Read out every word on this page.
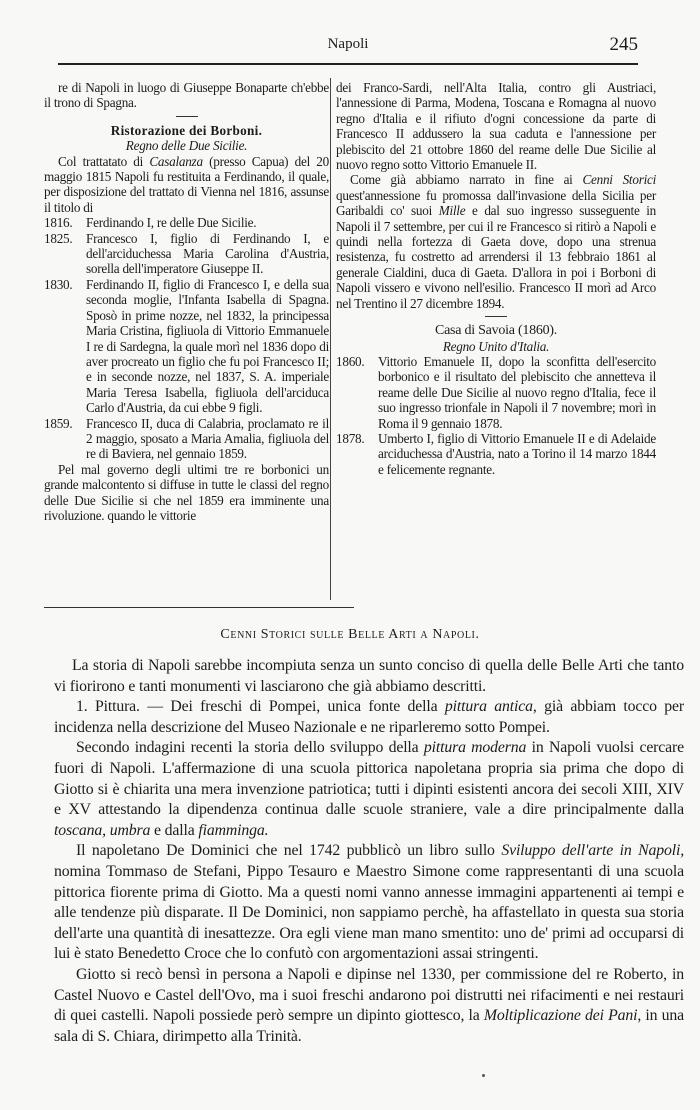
Napoli	245

re di Napoli in luogo di Giuseppe Bonaparte ch'ebbe il trono di Spagna.

Ristorazione dei Borboni.

Regno delle Due Sicilie.

Col trattatato di Casalanza (presso Capua) del 20 maggio 1815 Napoli fu restituita a Ferdinando, il quale, per disposizione del trattato di Vienna nel 1816, assunse il titolo di

1816.	Ferdinando I, re delle Due Sicilie.
1825.	Francesco I, figlio di Ferdinando I, e dell'arciduchessa Maria Carolina d'Austria, sorella dell'imperatore Giuseppe II.
1830.	Ferdinando II, figlio di Francesco I, e della sua seconda moglie, l'Infanta Isabella di Spagna. Sposò in prime nozze, nel 1832, la principessa Maria Cristina, figliuola di Vittorio Emmanuele I re di Sardegna, la quale morì nel 1836 dopo di aver procreato un figlio che fu poi Francesco II; e in seconde nozze, nel 1837, S. A. imperiale Maria Teresa Isabella, figliuola dell'arciduca Carlo d'Austria, da cui ebbe 9 figli.
1859.	Francesco II, duca di Calabria, proclamato re il 2 maggio, sposato a Maria Amalia, figliuola del re di Baviera, nel gennaio 1859.

Pel mal governo degli ultimi tre re borbonici un grande malcontento si diffuse in tutte le classi del regno delle Due Sicilie si che nel 1859 era imminente una rivoluzione. quando le vittorie

dei Franco-Sardi, nell'Alta Italia, contro gli Austriaci, l'annessione di Parma, Modena, Toscana e Romagna al nuovo regno d'Italia e il rifiuto d'ogni concessione da parte di Francesco II addussero la sua caduta e l'annessione per plebiscito del 21 ottobre 1860 del reame delle Due Sicilie al nuovo regno sotto Vittorio Emanuele II.

Come già abbiamo narrato in fine ai Cenni Storici quest'annessione fu promossa dall'invasione della Sicilia per Garibaldi co' suoi Mille e dal suo ingresso susseguente in Napoli il 7 settembre, per cui il re Francesco si ritirò a Napoli e quindi nella fortezza di Gaeta dove, dopo una strenua resistenza, fu costretto ad arrendersi il 13 febbraio 1861 al generale Cialdini, duca di Gaeta. D'allora in poi i Borboni di Napoli vissero e vivono nell'esilio. Francesco II morì ad Arco nel Trentino il 27 dicembre 1894.

Casa di Savoia (1860).

Regno Unito d'Italia.

1860.	Vittorio Emanuele II, dopo la sconfitta dell'esercito borbonico e il risultato del plebiscito che annetteva il reame delle Due Sicilie al nuovo regno d'Italia, fece il suo ingresso trionfale in Napoli il 7 novembre; morì in Roma il 9 gennaio 1878.
1878.	Umberto I, figlio di Vittorio Emanuele II e di Adelaide arciduchessa d'Austria, nato a Torino il 14 marzo 1844 e felicemente regnante.
Cenni Storici sulle Belle Arti a Napoli.

La storia di Napoli sarebbe incompiuta senza un sunto conciso di quella delle Belle Arti che tanto vi fiorirono e tanti monumenti vi lasciarono che già abbiamo descritti.

1. Pittura. — Dei freschi di Pompei, unica fonte della pittura antica, già abbiam tocco per incidenza nella descrizione del Museo Nazionale e ne riparleremo sotto Pompei.

Secondo indagini recenti la storia dello sviluppo della pittura moderna in Napoli vuolsi cercare fuori di Napoli. L'affermazione di una scuola pittorica napoletana propria sia prima che dopo di Giotto si è chiarita una mera invenzione patriotica; tutti i dipinti esistenti ancora dei secoli XIII, XIV e XV attestando la dipendenza continua dalle scuole straniere, vale a dire principalmente dalla toscana, umbra e dalla fiamminga.

Il napoletano De Dominici che nel 1742 pubblicò un libro sullo Sviluppo dell'arte in Napoli, nomina Tommaso de Stefani, Pippo Tesauro e Maestro Simone come rappresentanti di una scuola pittorica fiorente prima di Giotto. Ma a questi nomi vanno annesse immagini appartenenti ai tempi e alle tendenze più disparate. Il De Dominici, non sappiamo perchè, ha affastellato in questa sua storia dell'arte una quantità di inesattezze. Ora egli viene man mano smentito: uno de' primi ad occuparsi di lui è stato Benedetto Croce che lo confutò con argomentazioni assai stringenti.

Giotto si recò bensì in persona a Napoli e dipinse nel 1330, per commissione del re Roberto, in Castel Nuovo e Castel dell'Ovo, ma i suoi freschi andarono poi distrutti nei rifacimenti e nei restauri di quei castelli. Napoli possiede però sempre un dipinto giottesco, la Moltiplicazione dei Pani, in una sala di S. Chiara, dirimpetto alla Trinità.
